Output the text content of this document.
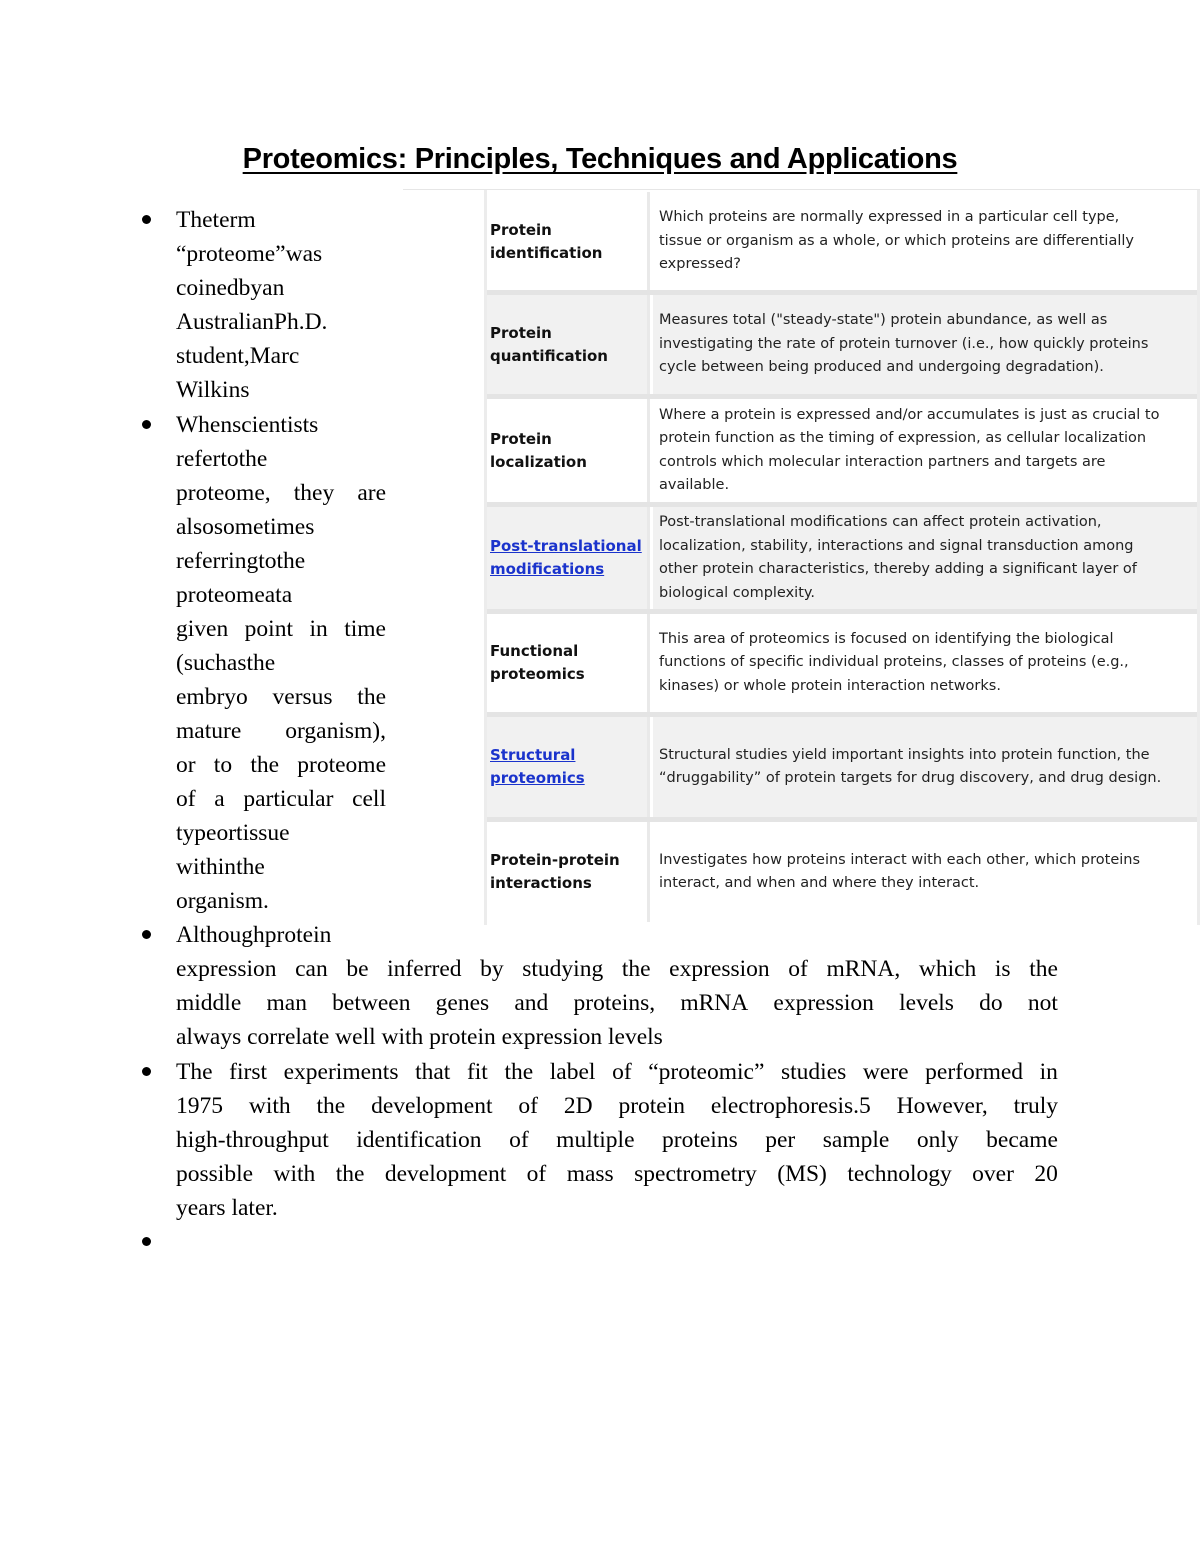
Proteomics: Principles, Techniques and Applications
Protein
identification
Which proteins are normally expressed in a particular cell type,
tissue or organism as a whole, or which proteins are differentially
expressed?
Protein
quantification
Measures total ("steady-state") protein abundance, as well as
investigating the rate of protein turnover (i.e., how quickly proteins
cycle between being produced and undergoing degradation).
Protein
localization
Where a protein is expressed and/or accumulates is just as crucial to
protein function as the timing of expression, as cellular localization
controls which molecular interaction partners and targets are
available.
Post-translational
modifications
Post-translational modifications can affect protein activation,
localization, stability, interactions and signal transduction among
other protein characteristics, thereby adding a significant layer of
biological complexity.
Functional
proteomics
This area of proteomics is focused on identifying the biological
functions of specific individual proteins, classes of proteins (e.g.,
kinases) or whole protein interaction networks.
Structural
proteomics
Structural studies yield important insights into protein function, the
“druggability” of protein targets for drug discovery, and drug design.
Protein-protein
interactions
Investigates how proteins interact with each other, which proteins
interact, and when and where they interact.
Theterm
“proteome”was
coinedbyan
AustralianPh.D.
student,Marc
Wilkins
Whenscientists
refertothe
proteome, they are
alsosometimes
referringtothe
proteomeata
given point in time
(suchasthe
embryo versus the
mature organism),
or to the proteome
of a particular cell
typeortissue
withinthe
organism.
Althoughprotein
expression can be inferred by studying the expression of mRNA, which is the
middle man between genes and proteins, mRNA expression levels do not
always correlate well with protein expression levels
The first experiments that fit the label of “proteomic” studies were performed in
1975 with the development of 2D protein electrophoresis.5 However, truly
high-throughput identification of multiple proteins per sample only became
possible with the development of mass spectrometry (MS) technology over 20
years later.
